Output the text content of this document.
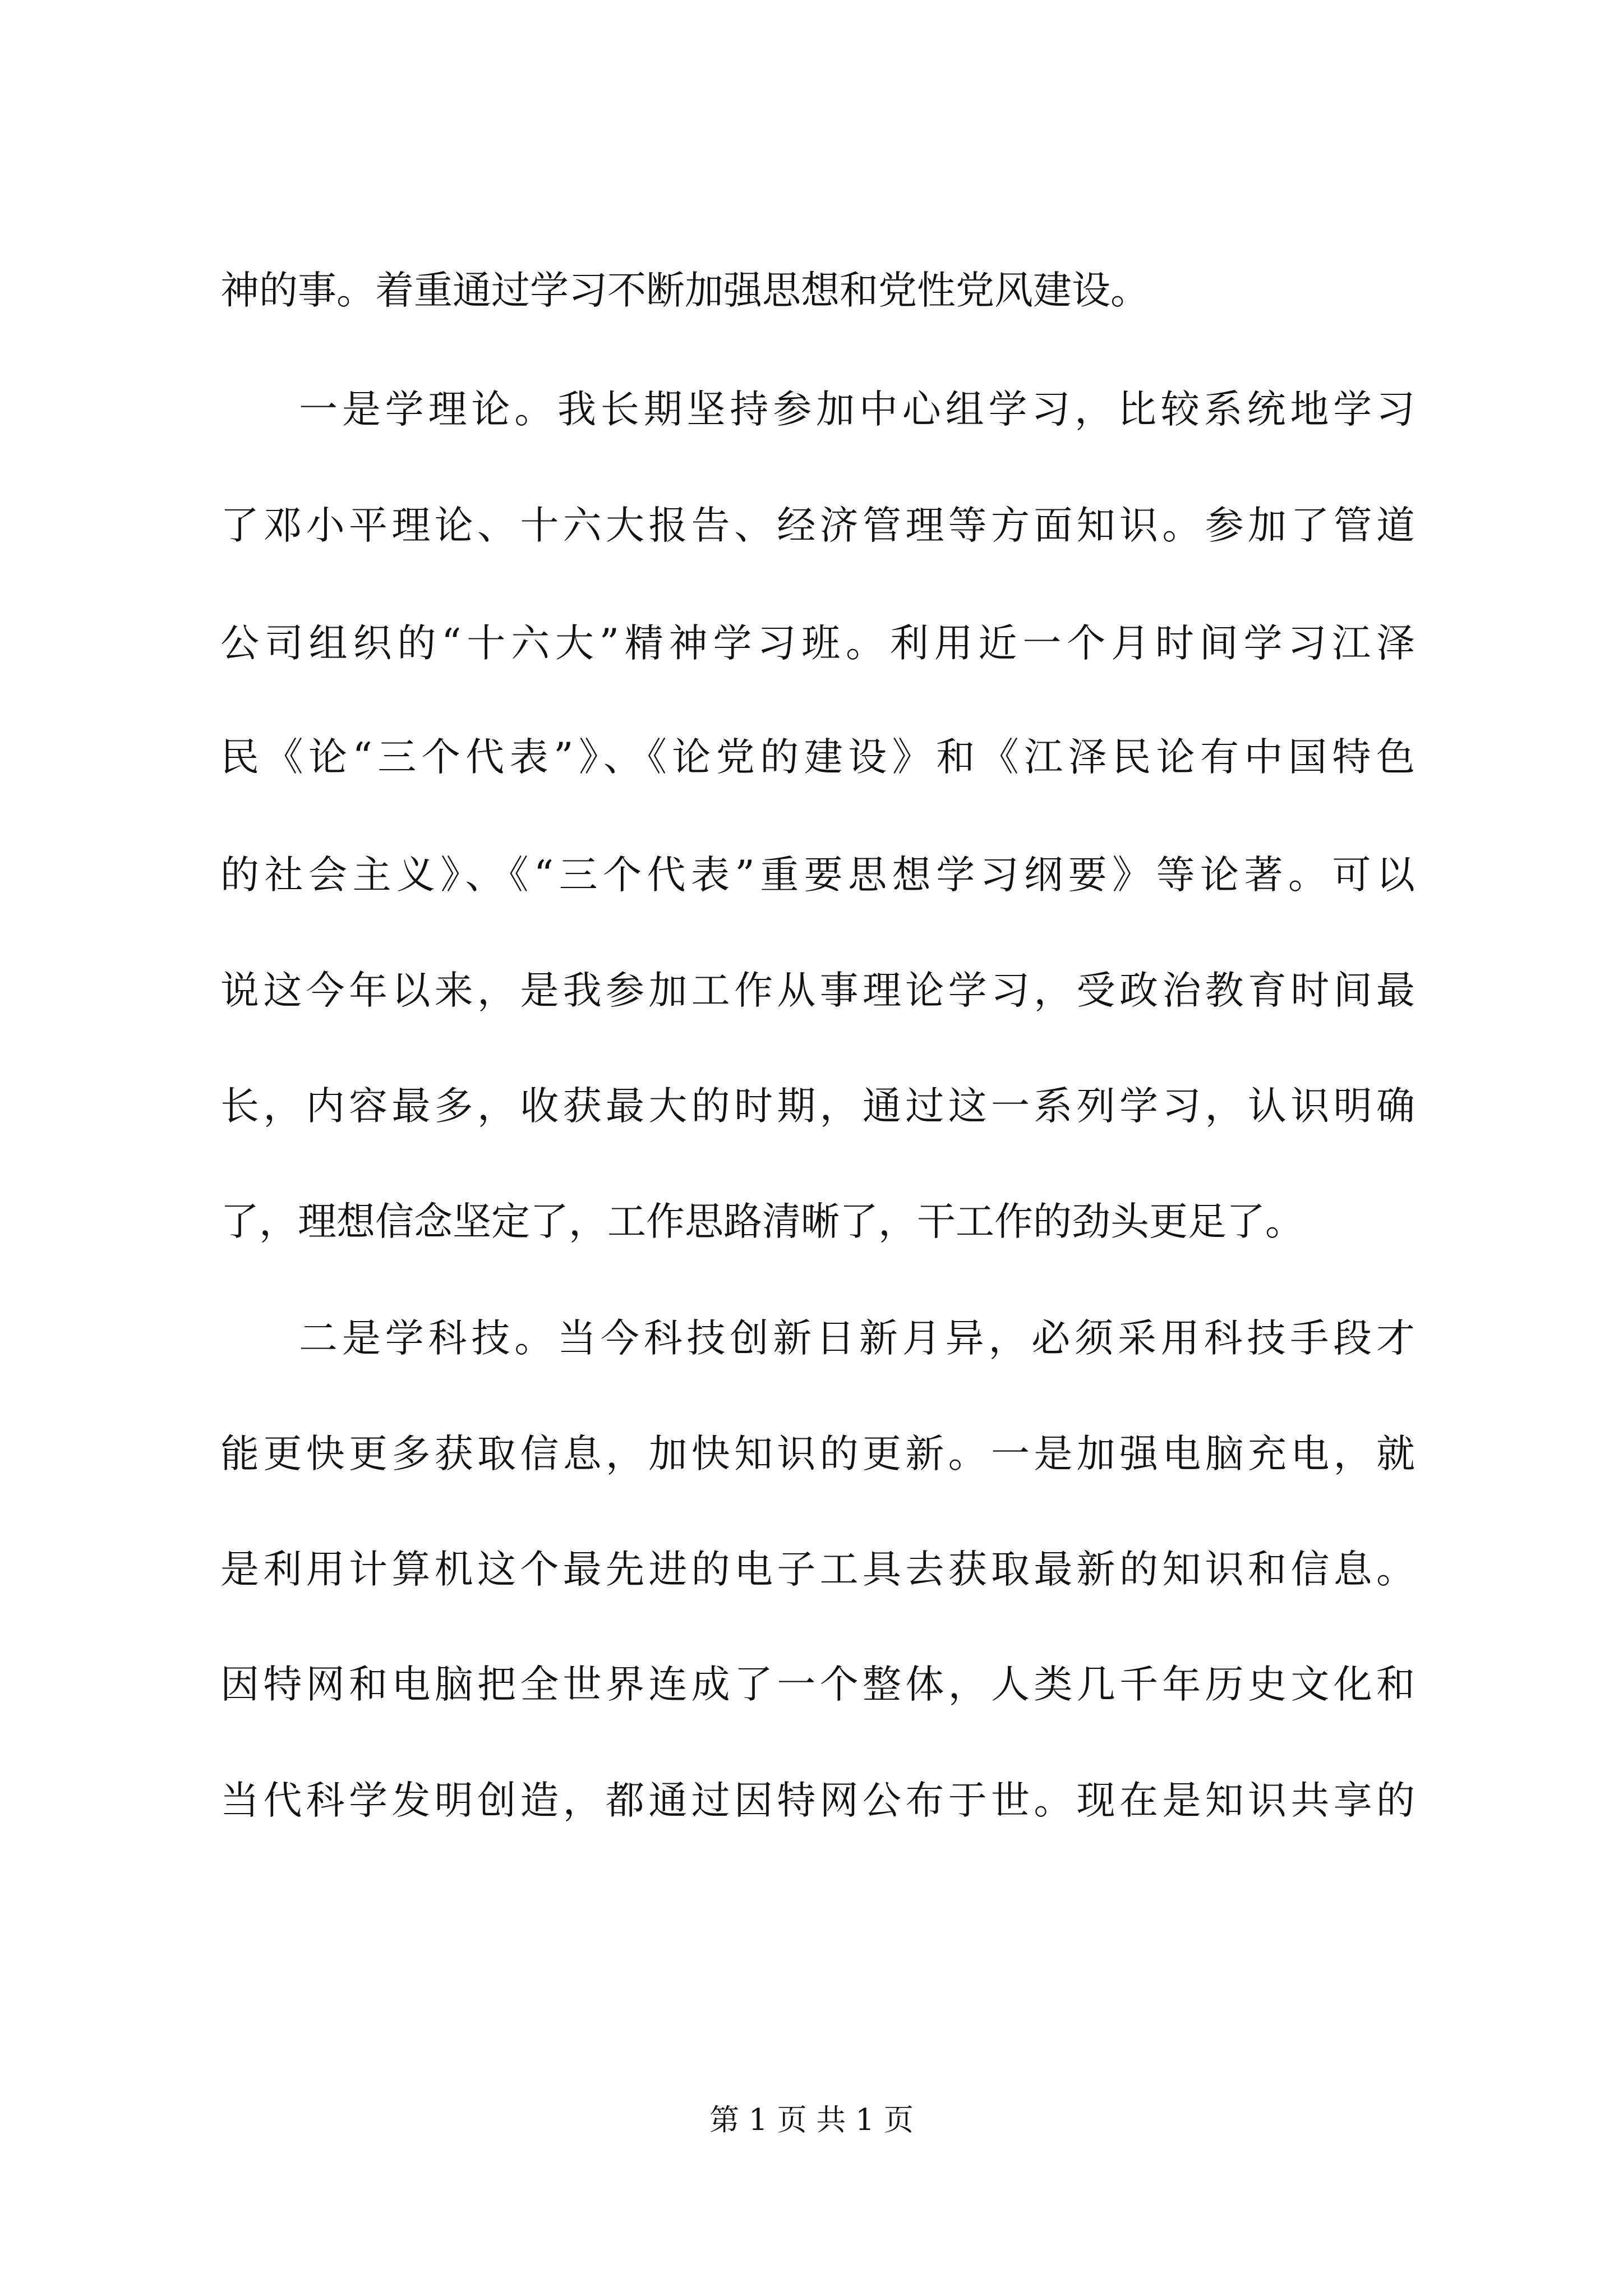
神的事。着重通过学习不断加强思想和党性党风建设。
一是学理论。我长期坚持参加中心组学习，比较系统地学习
了邓小平理论、十六大报告、经济管理等方面知识。参加了管道
公司组织的“十六大”精神学习班。利用近一个月时间学习江泽
民《论“三个代表”》、《论党的建设》和《江泽民论有中国特色
的社会主义》、《“三个代表”重要思想学习纲要》等论著。可以
说这今年以来，是我参加工作从事理论学习，受政治教育时间最
长，内容最多，收获最大的时期，通过这一系列学习，认识明确
了，理想信念坚定了，工作思路清晰了，干工作的劲头更足了。
二是学科技。当今科技创新日新月异，必须采用科技手段才
能更快更多获取信息，加快知识的更新。一是加强电脑充电，就
是利用计算机这个最先进的电子工具去获取最新的知识和信息。
因特网和电脑把全世界连成了一个整体，人类几千年历史文化和
当代科学发明创造，都通过因特网公布于世。现在是知识共享的
第 1 页 共 1 页
